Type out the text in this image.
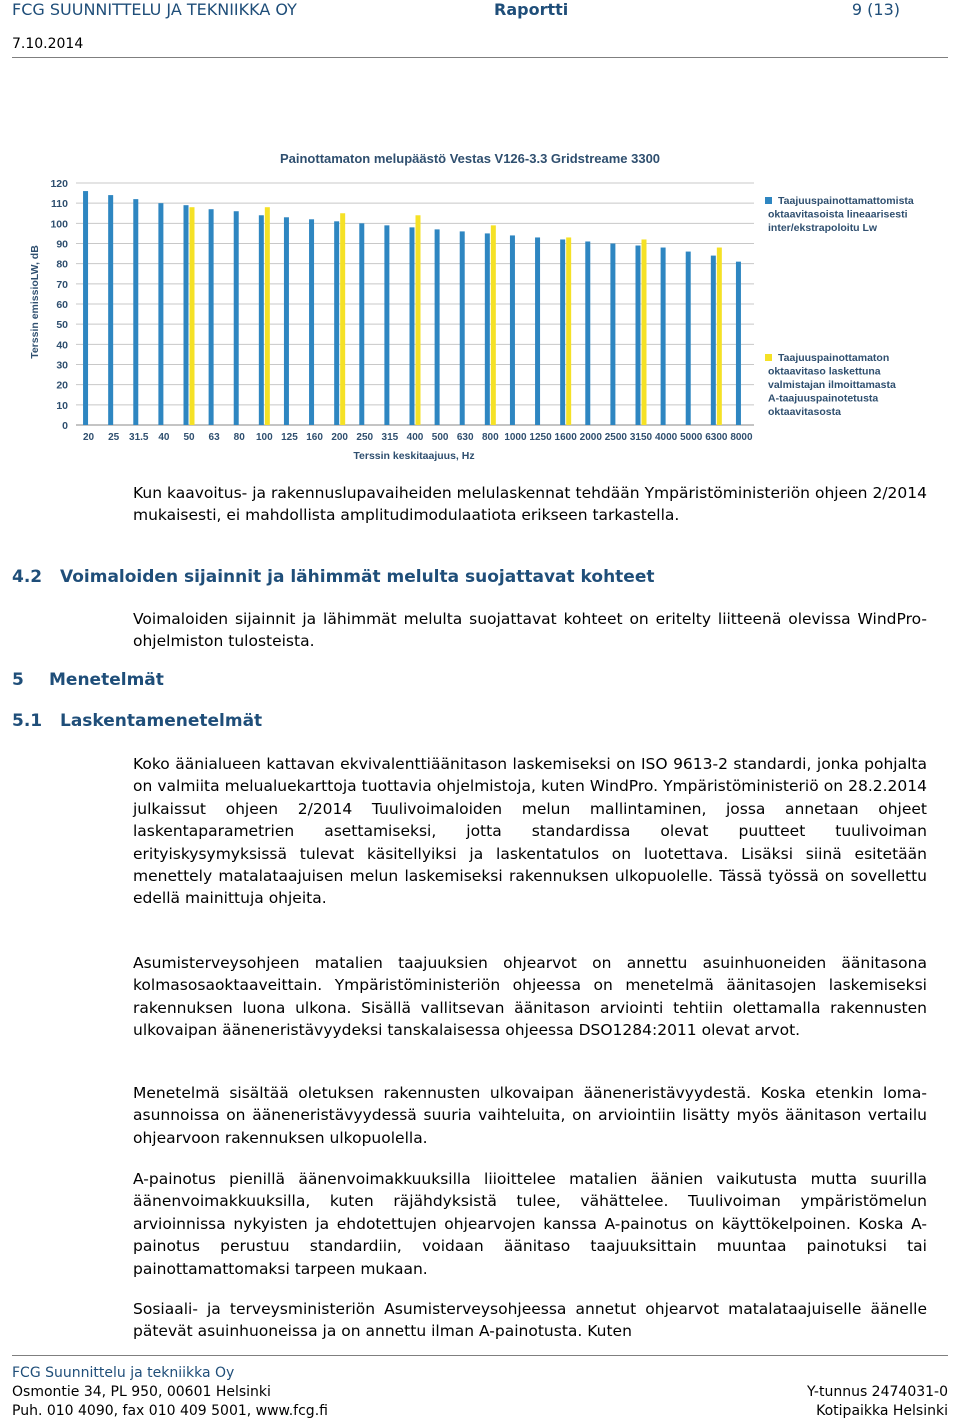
FCG SUUNNITTELU JA TEKNIIKKA OY	Raportti	9 (13)
7.10.2014
Painottamaton melupäästö Vestas V126-3.3 Gridstreame 3300
0
10
20
30
40
50
60
70
80
90
100
110
120
20 25 31.5 40 50 63 80 100 125 160 200 250 315 400 500 630 800 1000 1250 1600 2000 2500 3150 4000 5000 6300 8000
Terssin emissioLW, dB
Terssin keskitaajuus, Hz
Taajuuspainottamattomista oktaavitasoista lineaarisesti inter/ekstrapoloitu Lw
Taajuuspainottamaton oktaavitaso laskettuna valmistajan ilmoittamasta A-taajuuspainotetusta oktaavitasosta

Kun kaavoitus- ja rakennuslupavaiheiden melulaskennat tehdään Ympäristöministeriön ohjeen 2/2014 mukaisesti, ei mahdollista amplitudimodulaatiota erikseen tarkastella.

4.2 Voimaloiden sijainnit ja lähimmät melulta suojattavat kohteet

Voimaloiden sijainnit ja lähimmät melulta suojattavat kohteet on eritelty liitteenä olevissa WindPro-ohjelmiston tulosteista.

5 Menetelmät
5.1 Laskentamenetelmät

Koko äänialueen kattavan ekvivalenttiäänitason laskemiseksi on ISO 9613-2 standardi, jonka pohjalta on valmiita melualuekarttoja tuottavia ohjelmistoja, kuten WindPro. Ympäristöministeriö on 28.2.2014 julkaissut ohjeen 2/2014 Tuulivoimaloiden melun mallintaminen, jossa annetaan ohjeet laskentaparametrien asettamiseksi, jotta standardissa olevat puutteet tuulivoiman erityiskysymyksissä tulevat käsitellyiksi ja laskentatulos on luotettava. Lisäksi siinä esitetään menettely matalataajuisen melun laskemiseksi rakennuksen ulkopuolelle. Tässä työssä on sovellettu edellä mainittuja ohjeita.

Asumisterveysohjeen matalien taajuuksien ohjearvot on annettu asuinhuoneiden äänitasona kolmasosaoktaaveittain. Ympäristöministeriön ohjeessa on menetelmä äänitasojen laskemiseksi rakennuksen luona ulkona. Sisällä vallitsevan äänitason arviointi tehtiin olettamalla rakennusten ulkovaipan ääneneristävyydeksi tanskalaisessa ohjeessa DSO1284:2011 olevat arvot.

Menetelmä sisältää oletuksen rakennusten ulkovaipan ääneneristävyydestä. Koska etenkin loma-asunnoissa on ääneneristävyydessä suuria vaihteluita, on arviointiin lisätty myös äänitason vertailu ohjearvoon rakennuksen ulkopuolella.

A-painotus pienillä äänenvoimakkuuksilla liioittelee matalien äänien vaikutusta mutta suurilla äänenvoimakkuuksilla, kuten räjähdyksistä tulee, vähättelee. Tuulivoiman ympäristömelun arvioinnissa nykyisten ja ehdotettujen ohjearvojen kanssa A-painotus on käyttökelpoinen. Koska A-painotus perustuu standardiin, voidaan äänitaso taajuuksittain muuntaa painotuksi tai painottamattomaksi tarpeen mukaan.

Sosiaali- ja terveysministeriön Asumisterveysohjeessa annetut ohjearvot matalataajuiselle äänelle pätevät asuinhuoneissa ja on annettu ilman A-painotusta. Kuten

FCG Suunnittelu ja tekniikka Oy
Osmontie 34, PL 950, 00601 Helsinki
Puh. 010 4090, fax 010 409 5001, www.fcg.fi
Y-tunnus 2474031-0
Kotipaikka Helsinki
